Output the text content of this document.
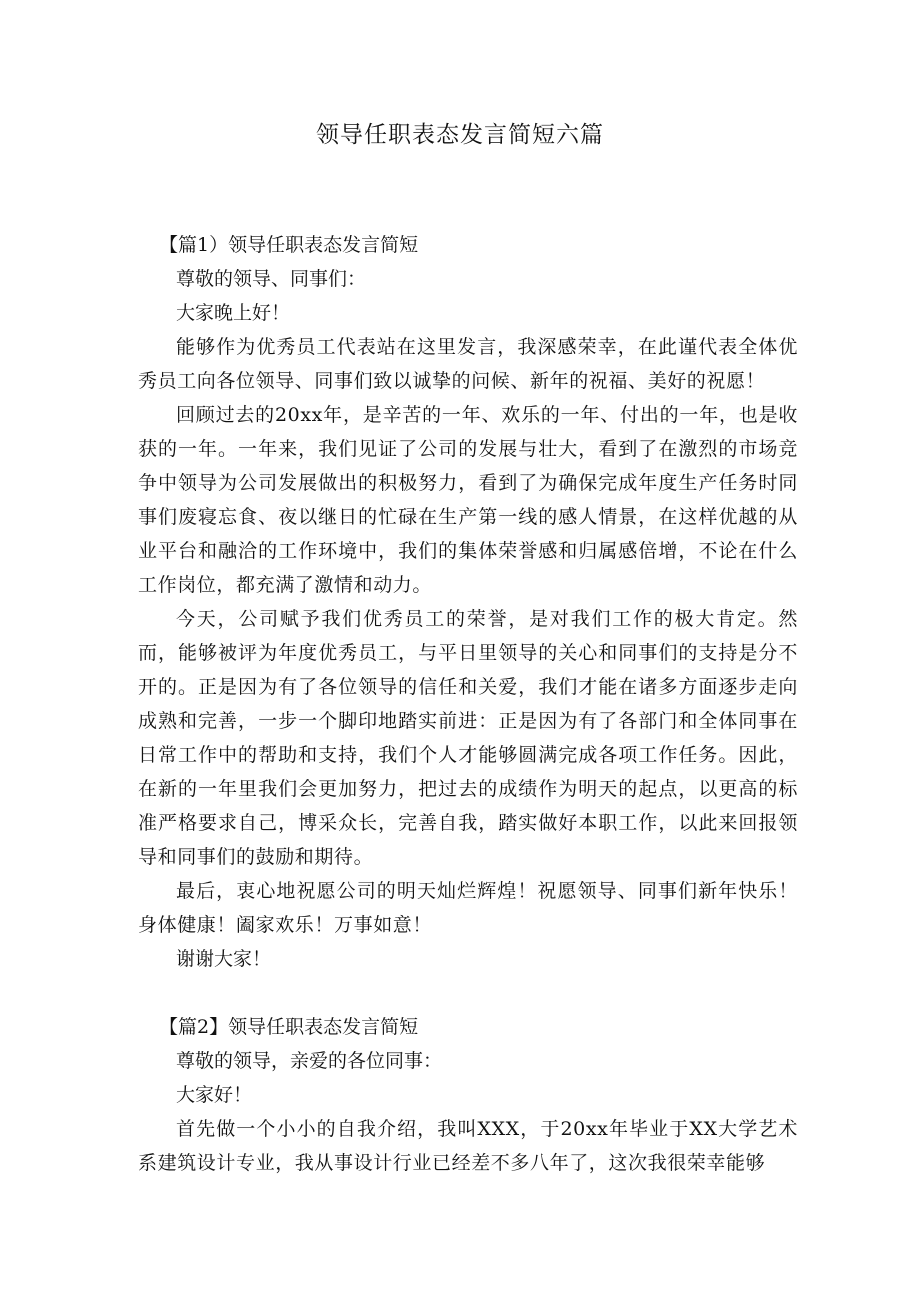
领导任职表态发言简短六篇

【篇1）领导任职表态发言简短

尊敬的领导、同事们：

大家晚上好！

能够作为优秀员工代表站在这里发言，我深感荣幸，在此谨代表全体优秀员工向各位领导、同事们致以诚挚的问候、新年的祝福、美好的祝愿！

回顾过去的20xx年，是辛苦的一年、欢乐的一年、付出的一年，也是收获的一年。一年来，我们见证了公司的发展与壮大，看到了在激烈的市场竞争中领导为公司发展做出的积极努力，看到了为确保完成年度生产任务时同事们废寝忘食、夜以继日的忙碌在生产第一线的感人情景，在这样优越的从业平台和融洽的工作环境中，我们的集体荣誉感和归属感倍增，不论在什么工作岗位，都充满了激情和动力。

今天，公司赋予我们优秀员工的荣誉，是对我们工作的极大肯定。然而，能够被评为年度优秀员工，与平日里领导的关心和同事们的支持是分不开的。正是因为有了各位领导的信任和关爱，我们才能在诸多方面逐步走向成熟和完善，一步一个脚印地踏实前进：正是因为有了各部门和全体同事在日常工作中的帮助和支持，我们个人才能够圆满完成各项工作任务。因此，在新的一年里我们会更加努力，把过去的成绩作为明天的起点，以更高的标准严格要求自己，博采众长，完善自我，踏实做好本职工作，以此来回报领导和同事们的鼓励和期待。

最后，衷心地祝愿公司的明天灿烂辉煌！祝愿领导、同事们新年快乐！身体健康！阖家欢乐！万事如意！

谢谢大家！

【篇2】领导任职表态发言简短

尊敬的领导，亲爱的各位同事：

大家好！

首先做一个小小的自我介绍，我叫XXX，于20xx年毕业于XX大学艺术系建筑设计专业，我从事设计行业已经差不多八年了，这次我很荣幸能够
